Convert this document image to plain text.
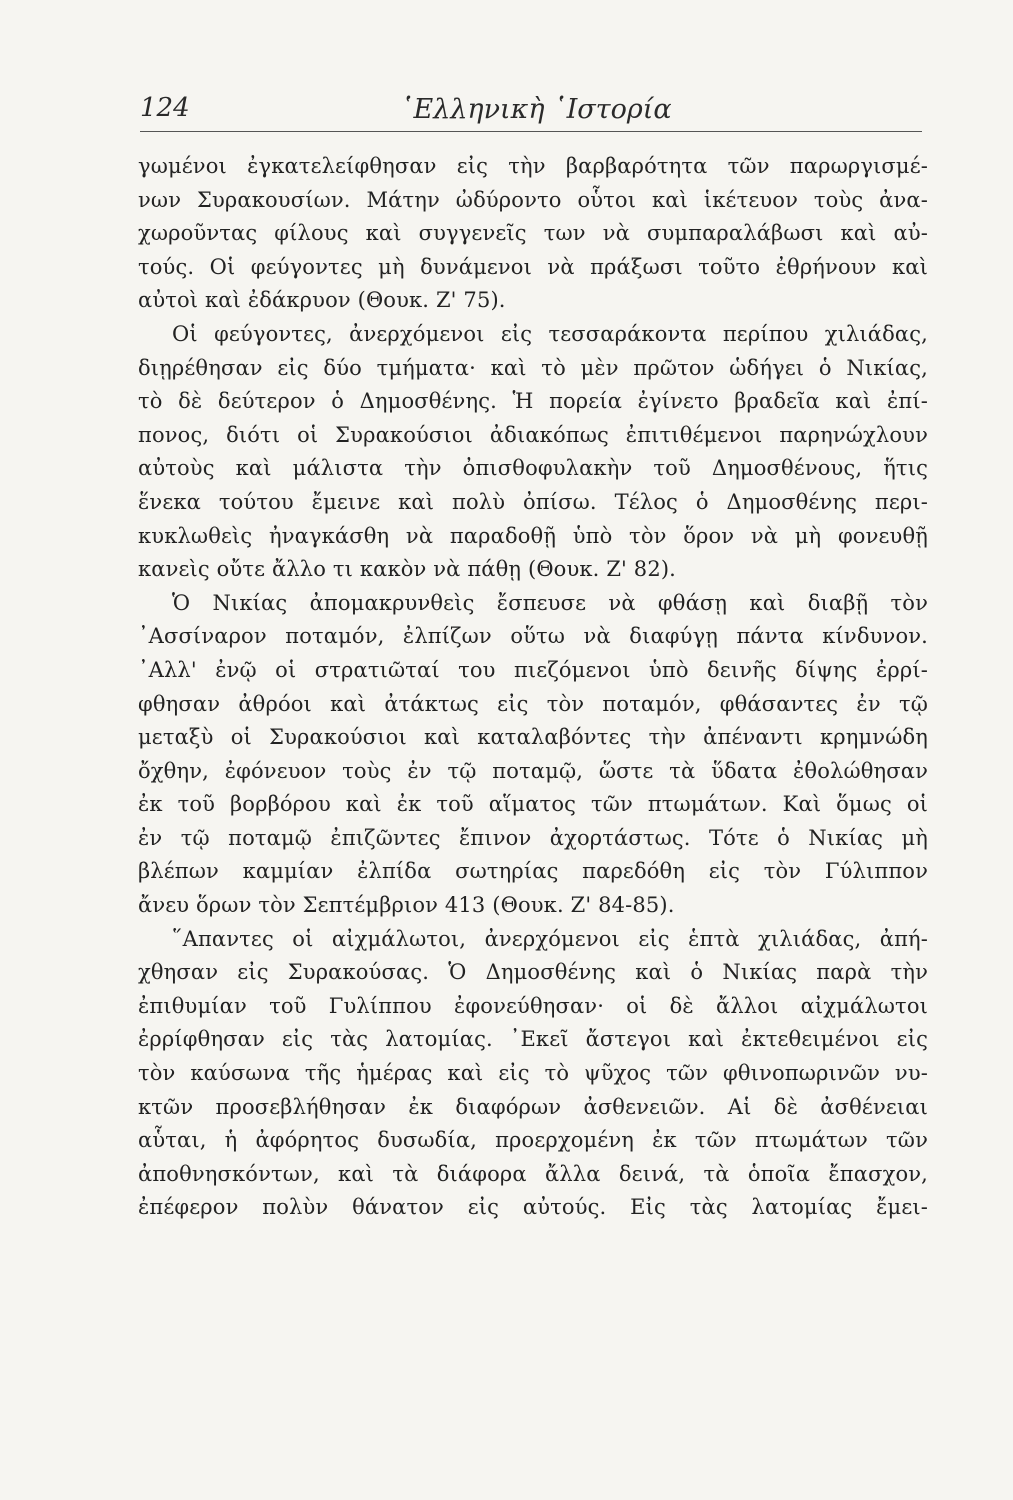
124	῾Ελληνικὴ ῾Ιστορία
γωμένοι ἐγκατελείφθησαν εἰς τὴν βαρβαρότητα τῶν παρωργισμέ-
νων Συρακουσίων. Μάτην ὠδύροντο οὗτοι καὶ ἱκέτευον τοὺς ἀνα-
χωροῦντας φίλους καὶ συγγενεῖς των νὰ συμπαραλάβωσι καὶ αὐ-
τούς. Οἱ φεύγοντες μὴ δυνάμενοι νὰ πράξωσι τοῦτο ἐθρήνουν καὶ
αὐτοὶ καὶ ἐδάκρυον (Θουκ. Ζ' 75).
Οἱ φεύγοντες, ἀνερχόμενοι εἰς τεσσαράκοντα περίπου χιλιάδας,
διῃρέθησαν εἰς δύο τμήματα· καὶ τὸ μὲν πρῶτον ὡδήγει ὁ Νικίας,
τὸ δὲ δεύτερον ὁ Δημοσθένης. Ἡ πορεία ἐγίνετο βραδεῖα καὶ ἐπί-
πονος, διότι οἱ Συρακούσιοι ἀδιακόπως ἐπιτιθέμενοι παρηνώχλουν
αὐτοὺς καὶ μάλιστα τὴν ὀπισθοφυλακὴν τοῦ Δημοσθένους, ἥτις
ἕνεκα τούτου ἔμεινε καὶ πολὺ ὀπίσω. Τέλος ὁ Δημοσθένης περι-
κυκλωθεὶς ἠναγκάσθη νὰ παραδοθῇ ὑπὸ τὸν ὅρον νὰ μὴ φονευθῇ
κανεὶς οὔτε ἄλλο τι κακὸν νὰ πάθῃ (Θουκ. Ζ' 82).
Ὁ Νικίας ἀπομακρυνθεὶς ἔσπευσε νὰ φθάσῃ καὶ διαβῇ τὸν
᾿Ασσίναρον ποταμόν, ἐλπίζων οὕτω νὰ διαφύγῃ πάντα κίνδυνον.
᾿Αλλ' ἐνῷ οἱ στρατιῶταί του πιεζόμενοι ὑπὸ δεινῆς δίψης ἐρρί-
φθησαν ἀθρόοι καὶ ἀτάκτως εἰς τὸν ποταμόν, φθάσαντες ἐν τῷ
μεταξὺ οἱ Συρακούσιοι καὶ καταλαβόντες τὴν ἀπέναντι κρημνώδη
ὄχθην, ἐφόνευον τοὺς ἐν τῷ ποταμῷ, ὥστε τὰ ὕδατα ἐθολώθησαν
ἐκ τοῦ βορβόρου καὶ ἐκ τοῦ αἵματος τῶν πτωμάτων. Καὶ ὅμως οἱ
ἐν τῷ ποταμῷ ἐπιζῶντες ἔπινον ἀχορτάστως. Τότε ὁ Νικίας μὴ
βλέπων καμμίαν ἐλπίδα σωτηρίας παρεδόθη εἰς τὸν Γύλιππον
ἄνευ ὅρων τὸν Σεπτέμβριον 413 (Θουκ. Ζ' 84-85).
῞Απαντες οἱ αἰχμάλωτοι, ἀνερχόμενοι εἰς ἑπτὰ χιλιάδας, ἀπή-
χθησαν εἰς Συρακούσας. Ὁ Δημοσθένης καὶ ὁ Νικίας παρὰ τὴν
ἐπιθυμίαν τοῦ Γυλίππου ἐφονεύθησαν· οἱ δὲ ἄλλοι αἰχμάλωτοι
ἐρρίφθησαν εἰς τὰς λατομίας. ᾿Εκεῖ ἄστεγοι καὶ ἐκτεθειμένοι εἰς
τὸν καύσωνα τῆς ἡμέρας καὶ εἰς τὸ ψῦχος τῶν φθινοπωρινῶν νυ-
κτῶν προσεβλήθησαν ἐκ διαφόρων ἀσθενειῶν. Αἱ δὲ ἀσθένειαι
αὗται, ἡ ἀφόρητος δυσωδία, προερχομένη ἐκ τῶν πτωμάτων τῶν
ἀποθνησκόντων, καὶ τὰ διάφορα ἄλλα δεινά, τὰ ὁποῖα ἔπασχον,
ἐπέφερον πολὺν θάνατον εἰς αὐτούς. Εἰς τὰς λατομίας ἔμει-
